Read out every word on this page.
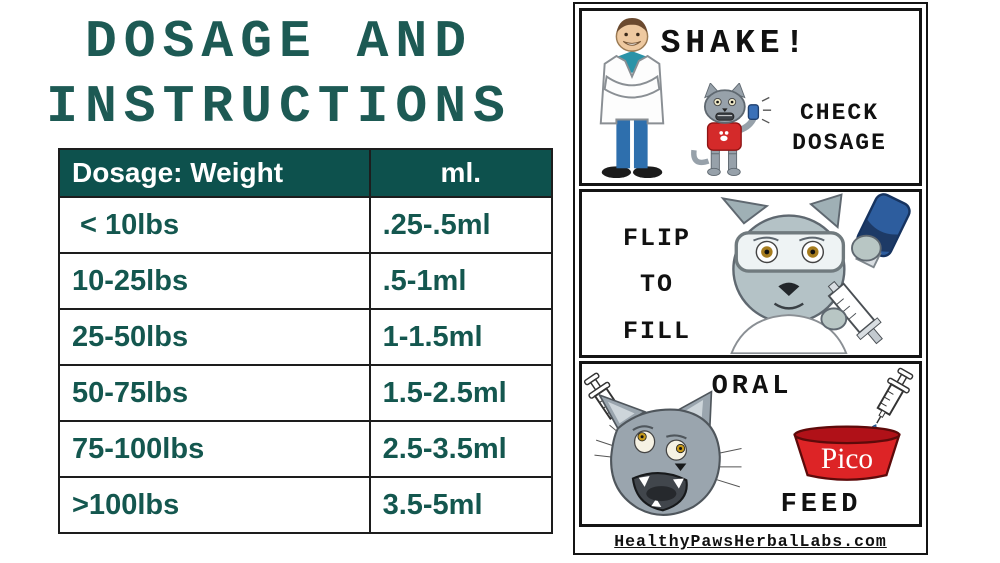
DOSAGE AND
INSTRUCTIONS
Dosage: Weight	ml.
< 10lbs	.25-.5ml
10-25lbs	.5-1ml
25-50lbs	1-1.5ml
50-75lbs	1.5-2.5ml
75-100lbs	2.5-3.5ml
>100lbs	3.5-5ml
SHAKE!
CHECK
DOSAGE
FLIP
TO
FILL
ORAL
Pico
FEED
HealthyPawsHerbalLabs.com
